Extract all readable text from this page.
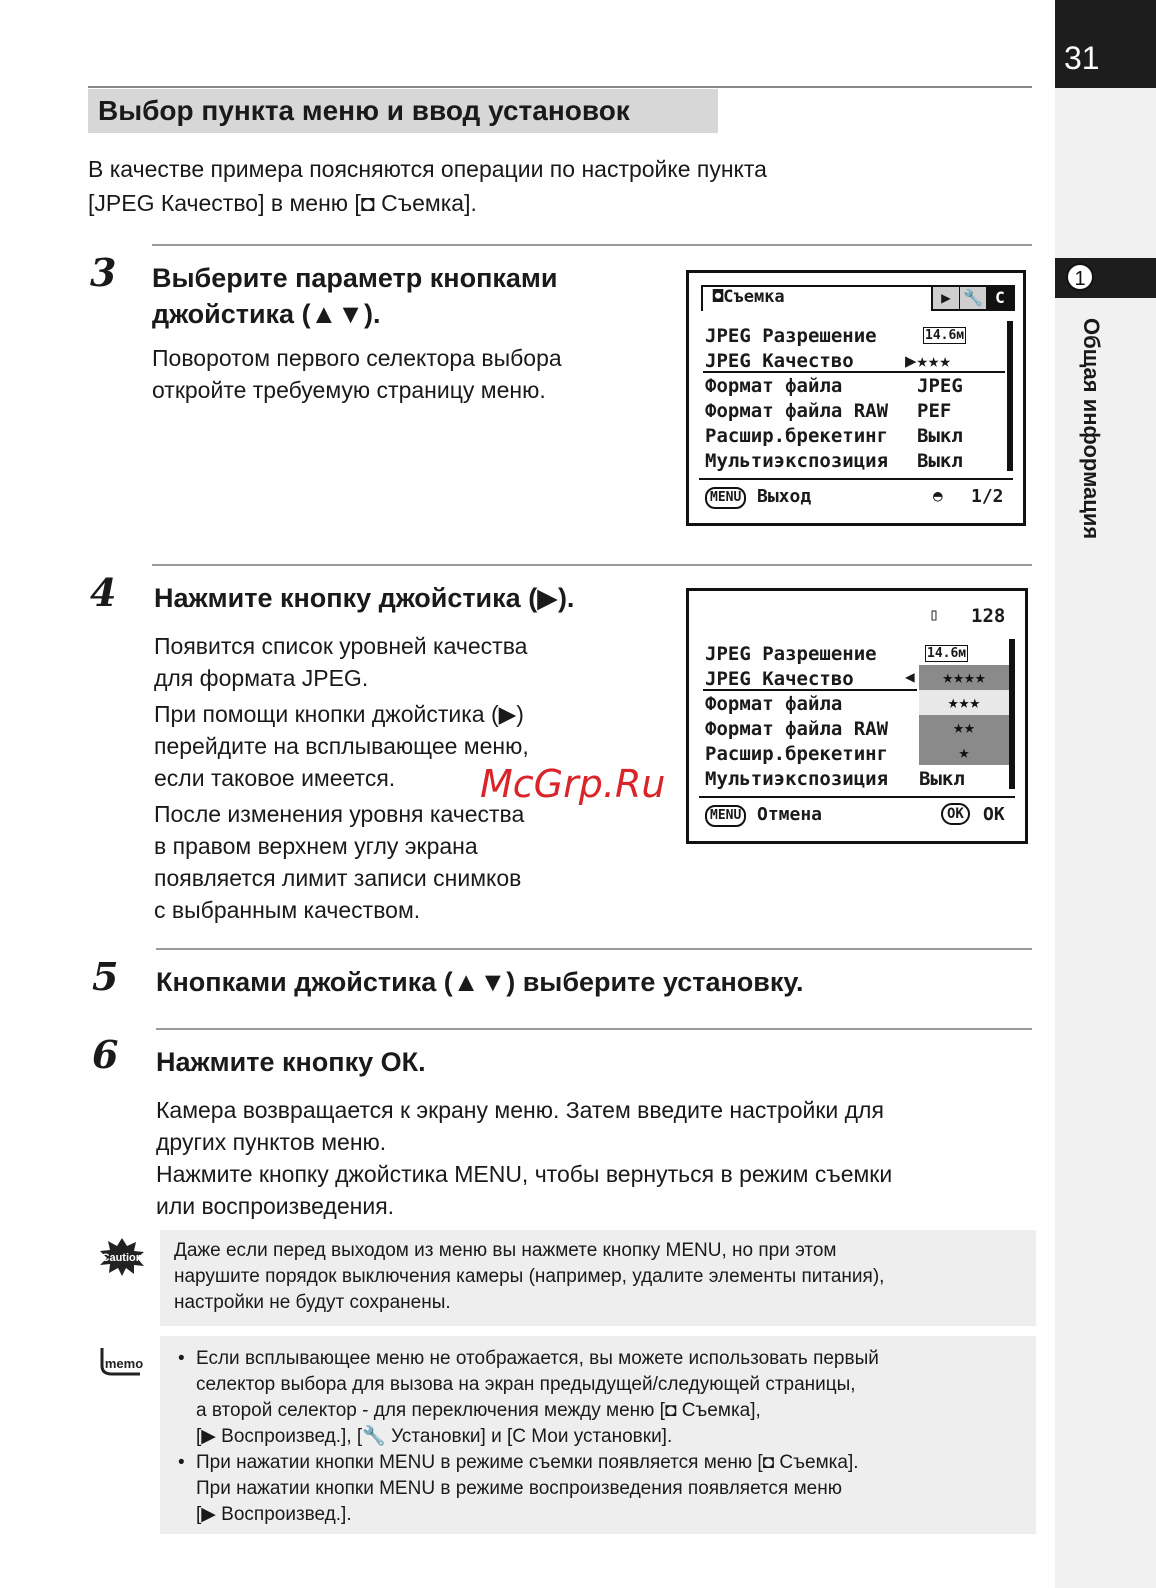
31
1
Общая информация
Выбор пункта меню и ввод установок
В качестве примера поясняются операции по настройке пункта
[JPEG Качество] в меню [◘ Съемка].
3 Выберите параметр кнопками
джойстика (▲▼).
Поворотом первого селектора выбора
откройте требуемую страницу меню.
◘Съемка	▶ 🔧 C
JPEG Разрешение	14.6м
JPEG Качество	▶★★★
Формат файла	JPEG
Формат файла RAW PEF
Расшир.брекетинг Выкл
Мультиэкспозиция Выкл
MENU Выход	◓ 1/2
4 Нажмите кнопку джойстика (▶).
Появится список уровней качества
для формата JPEG.
При помощи кнопки джойстика (▶)
перейдите на всплывающее меню,
если таковое имеется.
После изменения уровня качества
в правом верхнем углу экрана
появляется лимит записи снимков
с выбранным качеством.
▯ 128
JPEG Разрешение	14.6м
JPEG Качество
Формат файла
Формат файла RAW
Расшир.брекетинг
Мультиэкспозиция Выкл
◀	★★★★
★★★
★★
★
MENU Отмена	OK	OK
McGrp.Ru
5 Кнопками джойстика (▲▼) выберите установку.
6 Нажмите кнопку ОК.
Камера возвращается к экрану меню. Затем введите настройки для
других пунктов меню.
Нажмите кнопку джойстика MENU, чтобы вернуться в режим съемки
или воспроизведения.
Caution Даже если перед выходом из меню вы нажмете кнопку MENU, но при этом
нарушите порядок выключения камеры (например, удалите элементы питания),
настройки не будут сохранены.
memo
•	Если всплывающее меню не отображается, вы можете использовать первый
селектор выбора для вызова на экран предыдущей/следующей страницы,
а второй селектор - для переключения между меню [◘ Съемка],
[▶ Воспроизвед.], [🔧 Установки] и [C Мои установки].
• При нажатии кнопки MENU в режиме съемки появляется меню [◘ Съемка].
При нажатии кнопки MENU в режиме воспроизведения появляется меню
[▶ Воспроизвед.].
